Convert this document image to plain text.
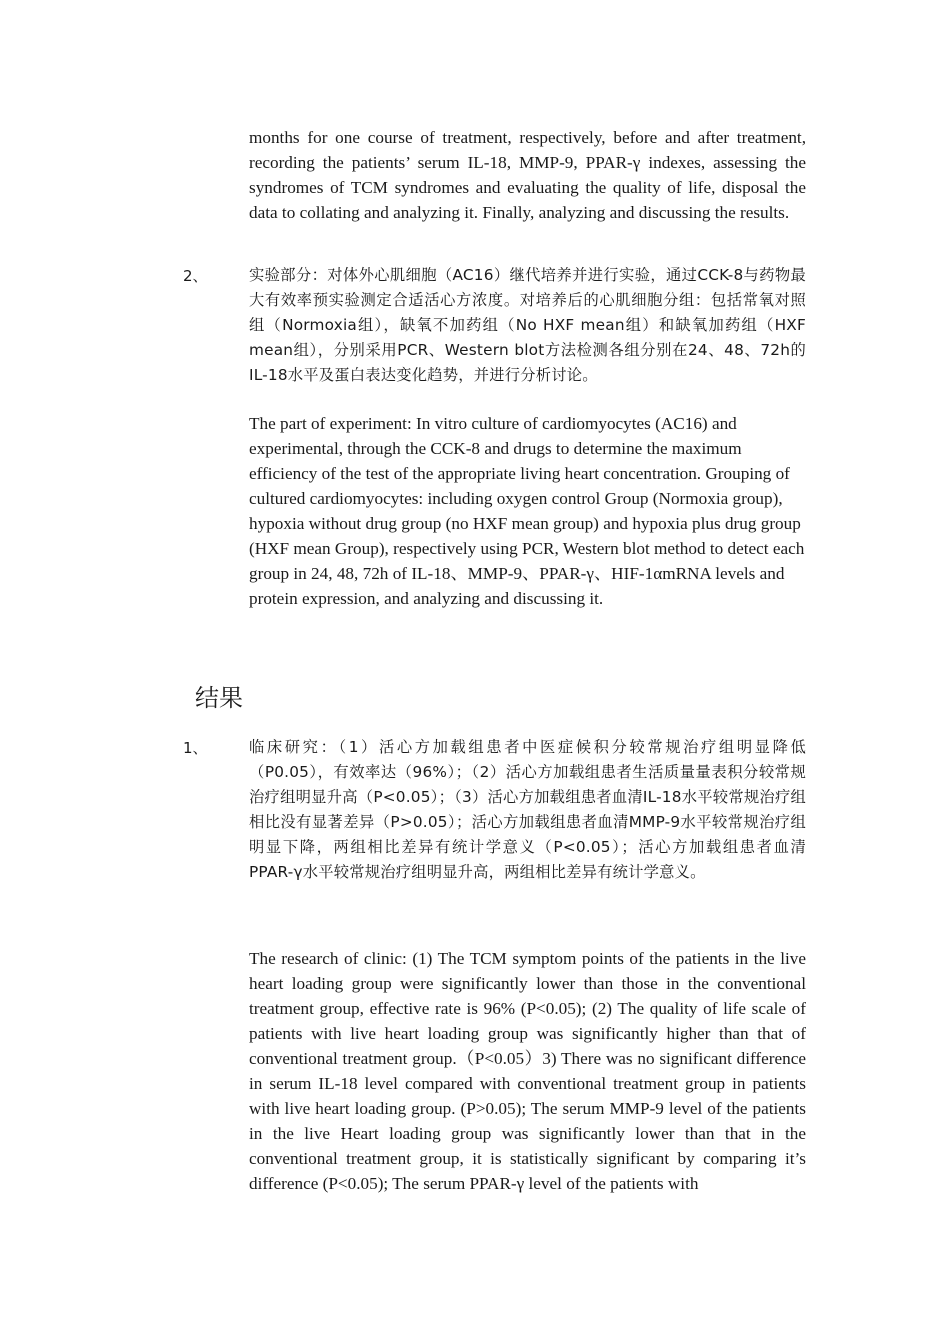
months for one course of treatment, respectively, before and after treatment, recording the patients’ serum IL-18, MMP-9, PPAR-γ indexes, assessing the syndromes of TCM syndromes and evaluating the quality of life, disposal the data to collating and analyzing it. Finally, analyzing and discussing the results.

2、	实验部分：对体外心肌细胞（AC16）继代培养并进行实验，通过CCK-8与药物最大有效率预实验测定合适活心方浓度。对培养后的心肌细胞分组：包括常氧对照组（Normoxia组），缺氧不加药组（No HXF mean组）和缺氧加药组（HXF mean组），分别采用PCR、Western blot方法检测各组分别在24、48、72h的IL-18水平及蛋白表达变化趋势，并进行分析讨论。

The part of experiment: In vitro culture of cardiomyocytes (AC16) and experimental, through the CCK-8 and drugs to determine the maximum efficiency of the test of the appropriate living heart concentration. Grouping of cultured cardiomyocytes: including oxygen control Group (Normoxia group), hypoxia without drug group (no HXF mean group) and hypoxia plus drug group (HXF mean Group), respectively using PCR, Western blot method to detect each group in 24, 48, 72h of IL-18、MMP-9、PPAR-γ、HIF-1αmRNA levels and protein expression, and analyzing and discussing it.

结果
1、	临床研究：（1）活心方加载组患者中医症候积分较常规治疗组明显降低（P0.05），有效率达（96%）；（2）活心方加载组患者生活质量量表积分较常规治疗组明显升高（P<0.05）；（3）活心方加载组患者血清IL-18水平较常规治疗组相比没有显著差异（P>0.05）；活心方加载组患者血清MMP-9水平较常规治疗组明显下降，两组相比差异有统计学意义（P<0.05）；活心方加载组患者血清PPAR-γ水平较常规治疗组明显升高，两组相比差异有统计学意义。

The research of clinic: (1) The TCM symptom points of the patients in the live heart loading group were significantly lower than those in the conventional treatment group, effective rate is 96% (P<0.05); (2) The quality of life scale of patients with live heart loading group was significantly higher than that of conventional treatment group.（P<0.05）3) There was no significant difference in serum IL-18 level compared with conventional treatment group in patients with live heart loading group. (P>0.05); The serum MMP-9 level of the patients in the live Heart loading group was significantly lower than that in the conventional treatment group, it is statistically significant by comparing it’s difference (P<0.05); The serum PPAR-γ level of the patients with
